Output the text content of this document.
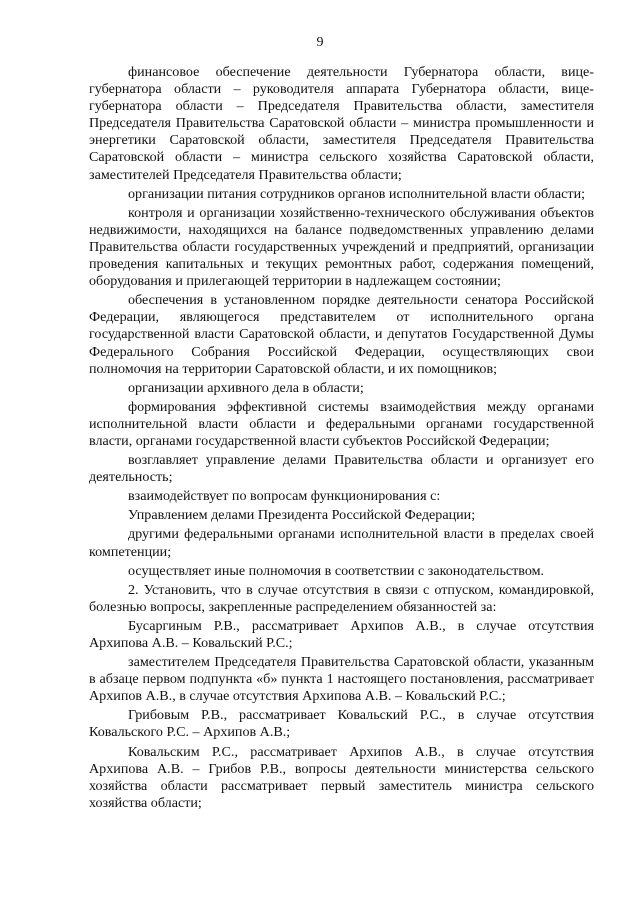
9

финансовое обеспечение деятельности Губернатора области, вице-губернатора области – руководителя аппарата Губернатора области, вице-губернатора области – Председателя Правительства области, заместителя Председателя Правительства Саратовской области – министра промышленности и энергетики Саратовской области, заместителя Председателя Правительства Саратовской области – министра сельского хозяйства Саратовской области, заместителей Председателя Правительства области;

организации питания сотрудников органов исполнительной власти области;

контроля и организации хозяйственно-технического обслуживания объектов недвижимости, находящихся на балансе подведомственных управлению делами Правительства области государственных учреждений и предприятий, организации проведения капитальных и текущих ремонтных работ, содержания помещений, оборудования и прилегающей территории в надлежащем состоянии;

обеспечения в установленном порядке деятельности сенатора Российской Федерации, являющегося представителем от исполнительного органа государственной власти Саратовской области, и депутатов Государственной Думы Федерального Собрания Российской Федерации, осуществляющих свои полномочия на территории Саратовской области, и их помощников;

организации архивного дела в области;

формирования эффективной системы взаимодействия между органами исполнительной власти области и федеральными органами государственной власти, органами государственной власти субъектов Российской Федерации;

возглавляет управление делами Правительства области и организует его деятельность;

взаимодействует по вопросам функционирования с:

Управлением делами Президента Российской Федерации;

другими федеральными органами исполнительной власти в пределах своей компетенции;

осуществляет иные полномочия в соответствии с законодательством.

2. Установить, что в случае отсутствия в связи с отпуском, командировкой, болезнью вопросы, закрепленные распределением обязанностей за:

Бусаргиным Р.В., рассматривает Архипов А.В., в случае отсутствия Архипова А.В. – Ковальский Р.С.;

заместителем Председателя Правительства Саратовской области, указанным в абзаце первом подпункта «б» пункта 1 настоящего постановления, рассматривает Архипов А.В., в случае отсутствия Архипова А.В. – Ковальский Р.С.;

Грибовым Р.В., рассматривает Ковальский Р.С., в случае отсутствия Ковальского Р.С. – Архипов А.В.;

Ковальским Р.С., рассматривает Архипов А.В., в случае отсутствия Архипова А.В. – Грибов Р.В., вопросы деятельности министерства сельского хозяйства области рассматривает первый заместитель министра сельского хозяйства области;
